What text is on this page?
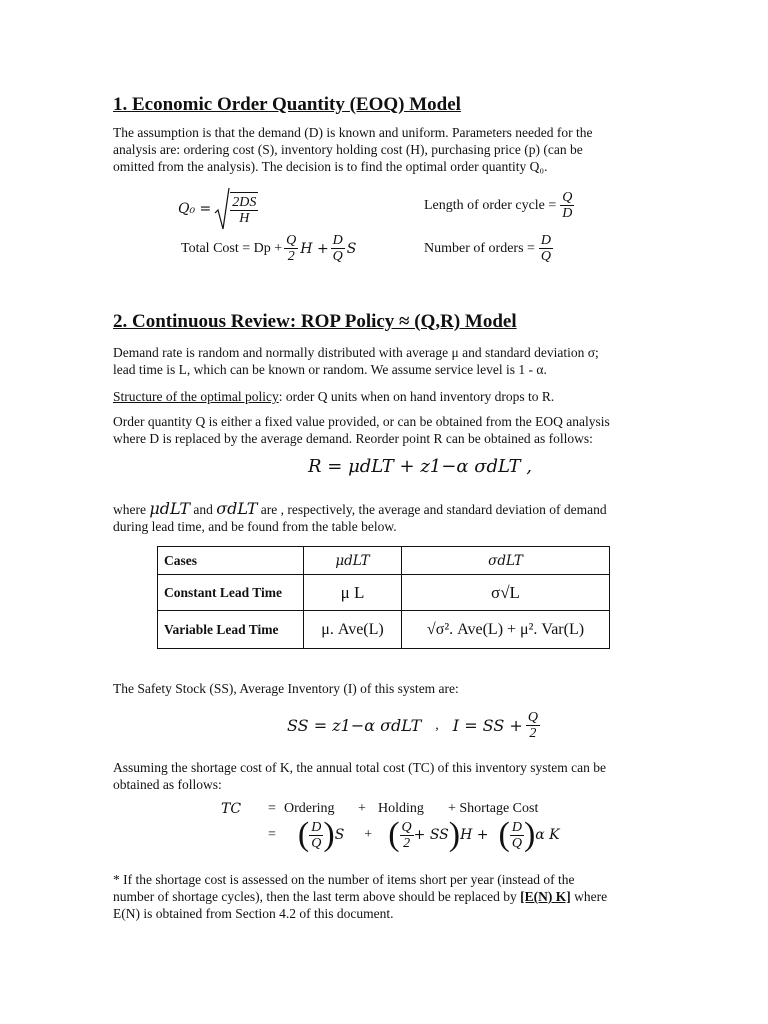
1. Economic Order Quantity (EOQ) Model
The assumption is that the demand (D) is known and uniform. Parameters needed for the
analysis are: ordering cost (S), inventory holding cost (H), purchasing price (p) (can be
omitted from the analysis). The decision is to find the optimal order quantity Q₀.
$Q_0 = \frac{2DS}{H}$	Length of order cycle = $\frac{Q}{D}$
Total Cost = $Dp + \frac{Q}{2}$ $H + \frac{D}{Q}$ S	Number of orders = $\frac{D}{Q}$
2. Continuous Review: ROP Policy ≈ (Q,R) Model
Demand rate is random and normally distributed with average μ and standard deviation σ;
lead time is L, which can be known or random. We assume service level is 1 - α.
Structure of the optimal policy: order Q units when on hand inventory drops to R.
Order quantity Q is either a fixed value provided, or can be obtained from the EOQ analysis
where D is replaced by the average demand. Reorder point R can be obtained as follows:
R = μdLT + z1−α σdLT ,
where μdLT and σdLT are , respectively, the average and standard deviation of demand
during lead time, and be found from the table below.
Cases	μdLT	σdLT
Constant Lead Time	μ L	σ√L
Variable Lead Time	μ. Ave(L)	√σ². Ave(L) + μ². Var(L)
The Safety Stock (SS), Average Inventory (I) of this system are:
SS = z1−α σdLT , I = SS + $\frac{Q}{2}$
Assuming the shortage cost of K, the annual total cost (TC) of this inventory system can be
obtained as follows:
TC = Ordering + Holding + Shortage Cost
= ( $\frac{D}{Q}$ ) S + ( $\frac{Q}{2}$ + SS ) H + ( $\frac{D}{Q}$ ) α K
* If the shortage cost is assessed on the number of items short per year (instead of the
number of shortage cycles), then the last term above should be replaced by [E(N) K] where
E(N) is obtained from Section 4.2 of this document.
